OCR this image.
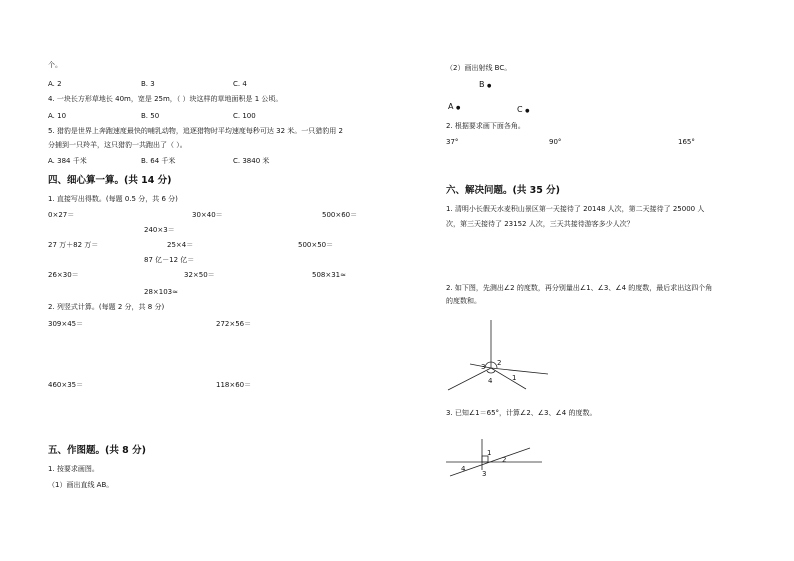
个。
A. 2	B. 3	C. 4
4. 一块长方形草地长 40m，宽是 25m，（ ）块这样的草地面积是 1 公顷。
A. 10	B. 50	C. 100
5. 猎豹是世界上奔跑速度最快的哺乳动物，追逐猎物时平均速度每秒可达 32 米。一只猎豹用 2
分捕到一只羚羊，这只猎豹一共跑出了（ ）。
A. 384 千米	B. 64 千米	C. 3840 米
四、细心算一算。(共 14 分)
1. 直接写出得数。(每题 0.5 分，共 6 分)
0×27＝	30×40＝	500×60＝
240×3＝
27 万＋82 万＝	25×4＝	500×50＝
87 亿－12 亿＝
26×30＝	32×50＝	508×31≈
28×103≈
2. 列竖式计算。(每题 2 分，共 8 分)
309×45＝	272×56＝
460×35＝	118×60＝
五、作图题。(共 8 分)
1. 按要求画图。
（1）画出直线 AB。
（2）画出射线 BC。
B ●
A ●	C ●
2. 根据要求画下面各角。
37°	90°	165°
六、解决问题。(共 35 分)
1. 清明小长假天水麦积山景区第一天接待了 20148 人次，第二天接待了 25000 人
次，第三天接待了 23152 人次，三天共接待游客多少人次？
2. 如下图，先测出∠2 的度数，再分别量出∠1、∠3、∠4 的度数，最后求出这四个角
的度数和。
3 2
4	1
3. 已知∠1＝65°，计算∠2、∠3、∠4 的度数。
1
2
4
3
